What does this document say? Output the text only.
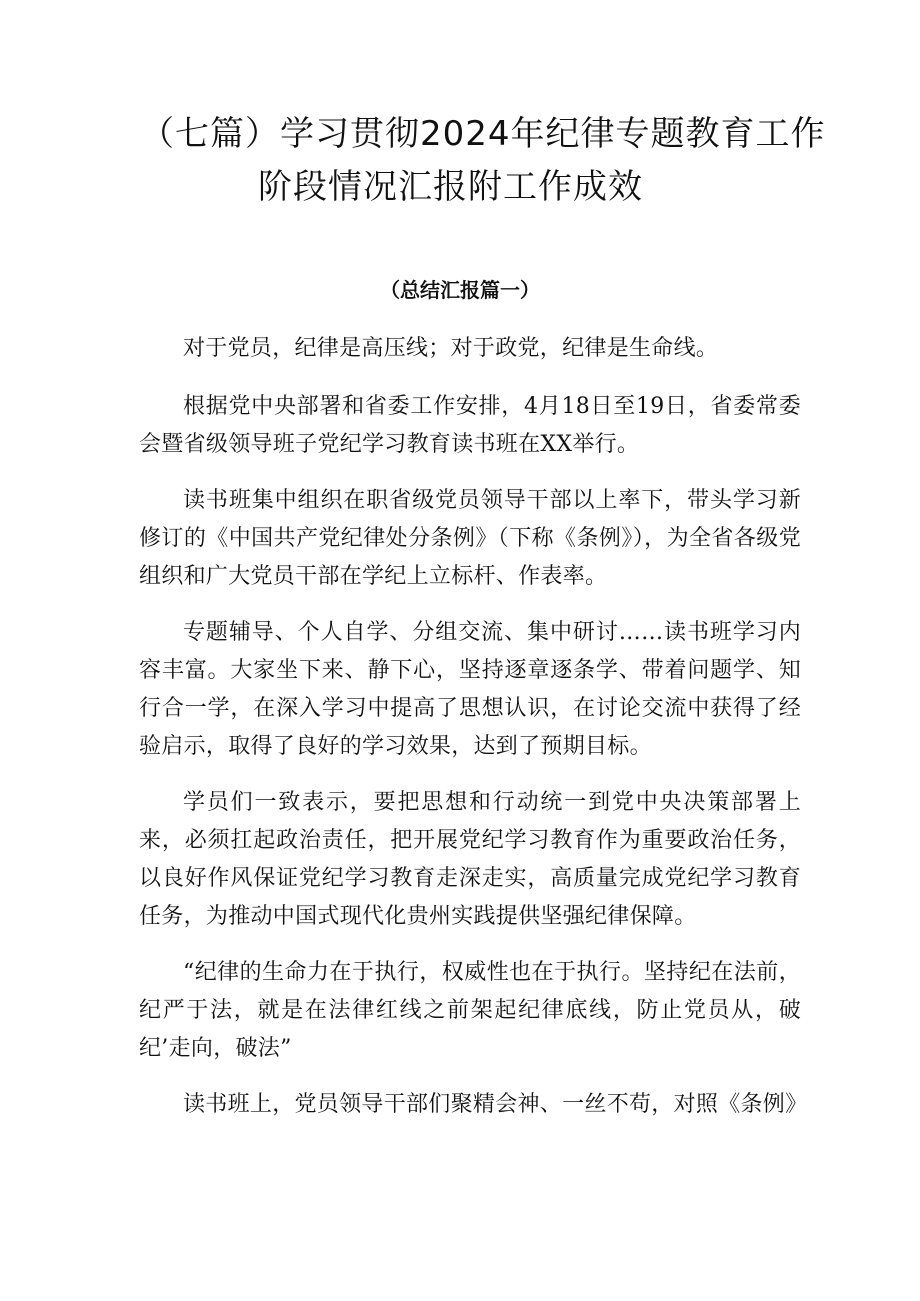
（七篇）学习贯彻2024年纪律专题教育工作
阶段情况汇报附工作成效
（总结汇报篇一）

对于党员，纪律是高压线；对于政党，纪律是生命线。

根据党中央部署和省委工作安排，4月18日至19日，省委常委会暨省级领导班子党纪学习教育读书班在XX举行。

读书班集中组织在职省级党员领导干部以上率下，带头学习新修订的《中国共产党纪律处分条例》（下称《条例》），为全省各级党组织和广大党员干部在学纪上立标杆、作表率。

专题辅导、个人自学、分组交流、集中研讨……读书班学习内容丰富。大家坐下来、静下心，坚持逐章逐条学、带着问题学、知行合一学，在深入学习中提高了思想认识，在讨论交流中获得了经验启示，取得了良好的学习效果，达到了预期目标。

学员们一致表示，要把思想和行动统一到党中央决策部署上来，必须扛起政治责任，把开展党纪学习教育作为重要政治任务，以良好作风保证党纪学习教育走深走实，高质量完成党纪学习教育任务，为推动中国式现代化贵州实践提供坚强纪律保障。

“纪律的生命力在于执行，权威性也在于执行。坚持纪在法前，纪严于法，就是在法律红线之前架起纪律底线，防止党员从，破纪’走向，破法”

读书班上，党员领导干部们聚精会神、一丝不苟，对照《条例》
